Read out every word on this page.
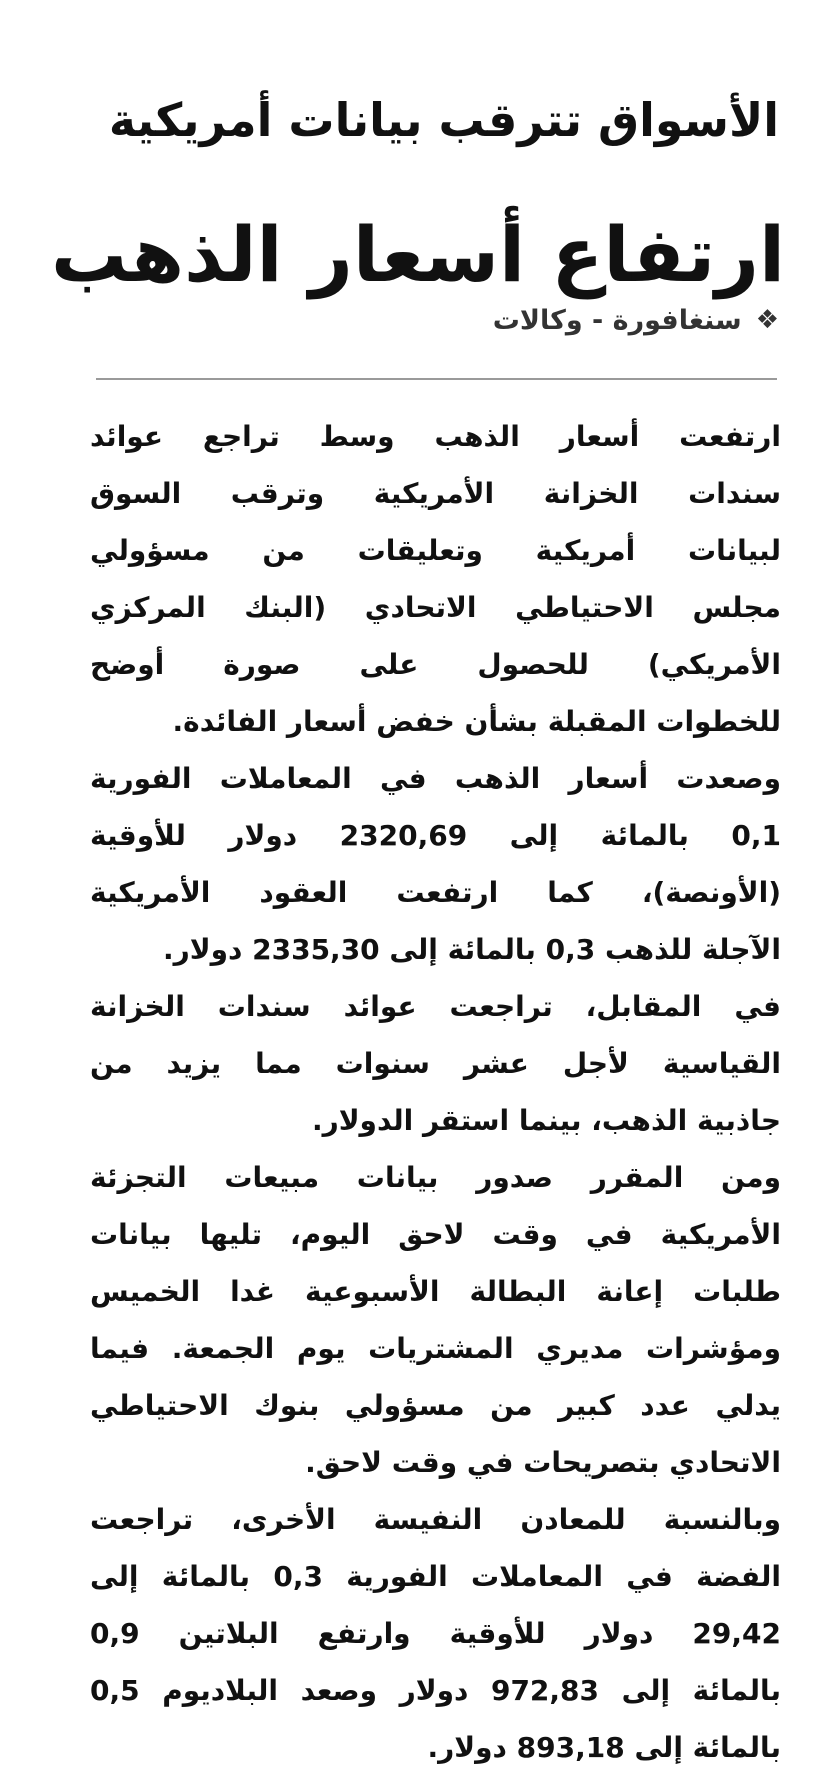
الأسواق تترقب بيانات أمريكية
ارتفاع أسعار الذهب
❖
سنغافورة - وكالات
ارتفعت أسعار الذهب وسط تراجع عوائد
سندات الخزانة الأمريكية وترقب السوق
لبيانات أمريكية وتعليقات من مسؤولي
مجلس الاحتياطي الاتحادي (البنك المركزي
الأمريكي) للحصول على صورة أوضح
للخطوات المقبلة بشأن خفض أسعار الفائدة.
وصعدت أسعار الذهب في المعاملات الفورية
0,1 بالمائة إلى 2320,69 دولار للأوقية
(الأونصة)، كما ارتفعت العقود الأمريكية
الآجلة للذهب 0,3 بالمائة إلى 2335,30 دولار.
في المقابل، تراجعت عوائد سندات الخزانة
القياسية لأجل عشر سنوات مما يزيد من
جاذبية الذهب، بينما استقر الدولار.
ومن المقرر صدور بيانات مبيعات التجزئة
الأمريكية في وقت لاحق اليوم، تليها بيانات
طلبات إعانة البطالة الأسبوعية غدا الخميس
ومؤشرات مديري المشتريات يوم الجمعة. فيما
يدلي عدد كبير من مسؤولي بنوك الاحتياطي
الاتحادي بتصريحات في وقت لاحق.
وبالنسبة للمعادن النفيسة الأخرى، تراجعت
الفضة في المعاملات الفورية 0,3 بالمائة إلى
29,42 دولار للأوقية وارتفع البلاتين 0,9
بالمائة إلى 972,83 دولار وصعد البلاديوم 0,5
بالمائة إلى 893,18 دولار.
